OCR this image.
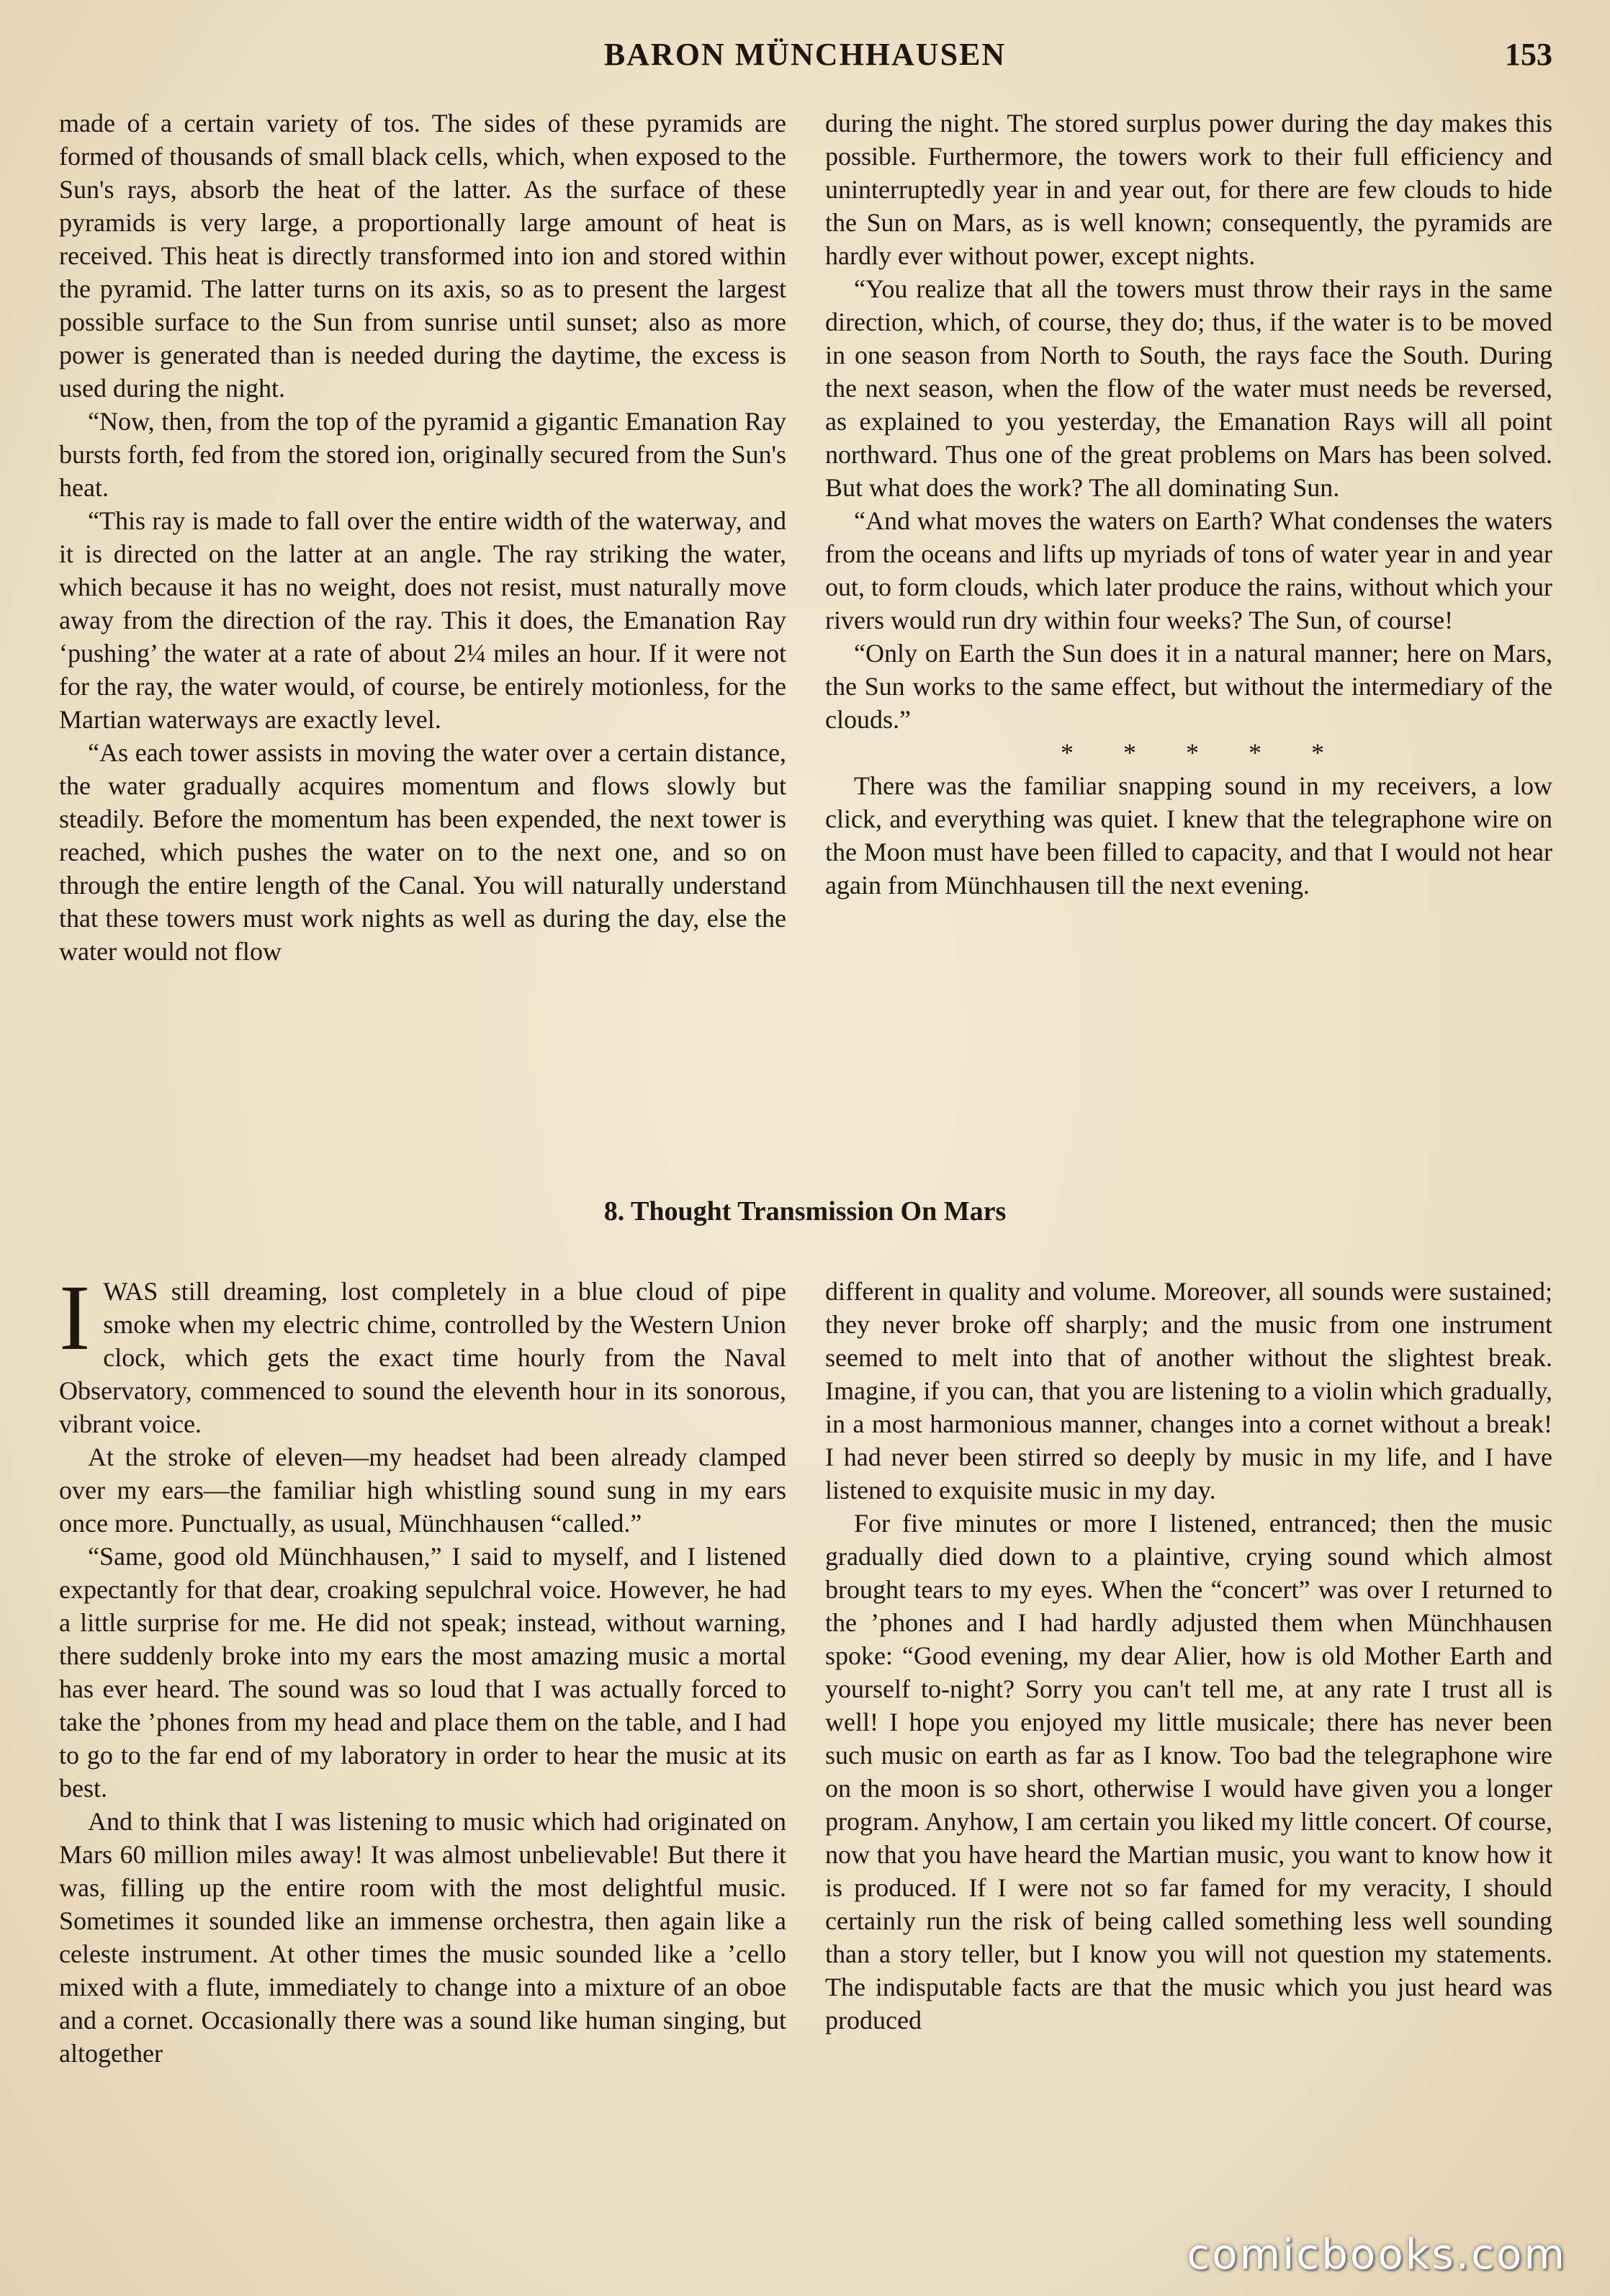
BARON MÜNCHHAUSEN	153

made of a certain variety of tos. The sides of these pyramids are formed of thousands of small black cells, which, when exposed to the Sun's rays, absorb the heat of the latter. As the surface of these pyramids is very large, a proportionally large amount of heat is received. This heat is directly transformed into ion and stored within the pyramid. The latter turns on its axis, so as to present the largest possible surface to the Sun from sunrise until sunset; also as more power is generated than is needed during the daytime, the excess is used during the night.

“Now, then, from the top of the pyramid a gigantic Emanation Ray bursts forth, fed from the stored ion, originally secured from the Sun's heat.

“This ray is made to fall over the entire width of the waterway, and it is directed on the latter at an angle. The ray striking the water, which because it has no weight, does not resist, must naturally move away from the direction of the ray. This it does, the Emanation Ray ‘pushing’ the water at a rate of about 2¼ miles an hour. If it were not for the ray, the water would, of course, be entirely motionless, for the Martian waterways are exactly level.

“As each tower assists in moving the water over a certain distance, the water gradually acquires momentum and flows slowly but steadily. Before the momentum has been expended, the next tower is reached, which pushes the water on to the next one, and so on through the entire length of the Canal. You will naturally understand that these towers must work nights as well as during the day, else the water would not flow

during the night. The stored surplus power during the day makes this possible. Furthermore, the towers work to their full efficiency and uninterruptedly year in and year out, for there are few clouds to hide the Sun on Mars, as is well known; consequently, the pyramids are hardly ever without power, except nights.

“You realize that all the towers must throw their rays in the same direction, which, of course, they do; thus, if the water is to be moved in one season from North to South, the rays face the South. During the next season, when the flow of the water must needs be reversed, as explained to you yesterday, the Emanation Rays will all point northward. Thus one of the great problems on Mars has been solved. But what does the work? The all dominating Sun.

“And what moves the waters on Earth? What condenses the waters from the oceans and lifts up myriads of tons of water year in and year out, to form clouds, which later produce the rains, without which your rivers would run dry within four weeks? The Sun, of course!

“Only on Earth the Sun does it in a natural manner; here on Mars, the Sun works to the same effect, but without the intermediary of the clouds.”

* * * * *

There was the familiar snapping sound in my receivers, a low click, and everything was quiet. I knew that the telegraphone wire on the Moon must have been filled to capacity, and that I would not hear again from Münchhausen till the next evening.

8. Thought Transmission On Mars

IWAS still dreaming, lost completely in a blue cloud of pipe smoke when my electric chime, controlled by the Western Union clock, which gets the exact time hourly from the Naval Observatory, commenced to sound the eleventh hour in its sonorous, vibrant voice.

At the stroke of eleven—my headset had been already clamped over my ears—the familiar high whistling sound sung in my ears once more. Punctually, as usual, Münchhausen “called.”

“Same, good old Münchhausen,” I said to myself, and I listened expectantly for that dear, croaking sepulchral voice. However, he had a little surprise for me. He did not speak; instead, without warning, there suddenly broke into my ears the most amazing music a mortal has ever heard. The sound was so loud that I was actually forced to take the ’phones from my head and place them on the table, and I had to go to the far end of my laboratory in order to hear the music at its best.

And to think that I was listening to music which had originated on Mars 60 million miles away! It was almost unbelievable! But there it was, filling up the entire room with the most delightful music. Sometimes it sounded like an immense orchestra, then again like a celeste instrument. At other times the music sounded like a ’cello mixed with a flute, immediately to change into a mixture of an oboe and a cornet. Occasionally there was a sound like human singing, but altogether

different in quality and volume. Moreover, all sounds were sustained; they never broke off sharply; and the music from one instrument seemed to melt into that of another without the slightest break. Imagine, if you can, that you are listening to a violin which gradually, in a most harmonious manner, changes into a cornet without a break! I had never been stirred so deeply by music in my life, and I have listened to exquisite music in my day.

For five minutes or more I listened, entranced; then the music gradually died down to a plaintive, crying sound which almost brought tears to my eyes. When the “concert” was over I returned to the ’phones and I had hardly adjusted them when Münchhausen spoke: “Good evening, my dear Alier, how is old Mother Earth and yourself to-night? Sorry you can't tell me, at any rate I trust all is well! I hope you enjoyed my little musicale; there has never been such music on earth as far as I know. Too bad the telegraphone wire on the moon is so short, otherwise I would have given you a longer program. Anyhow, I am certain you liked my little concert. Of course, now that you have heard the Martian music, you want to know how it is produced. If I were not so far famed for my veracity, I should certainly run the risk of being called something less well sounding than a story teller, but I know you will not question my statements. The indisputable facts are that the music which you just heard was produced

comicbooks.com
